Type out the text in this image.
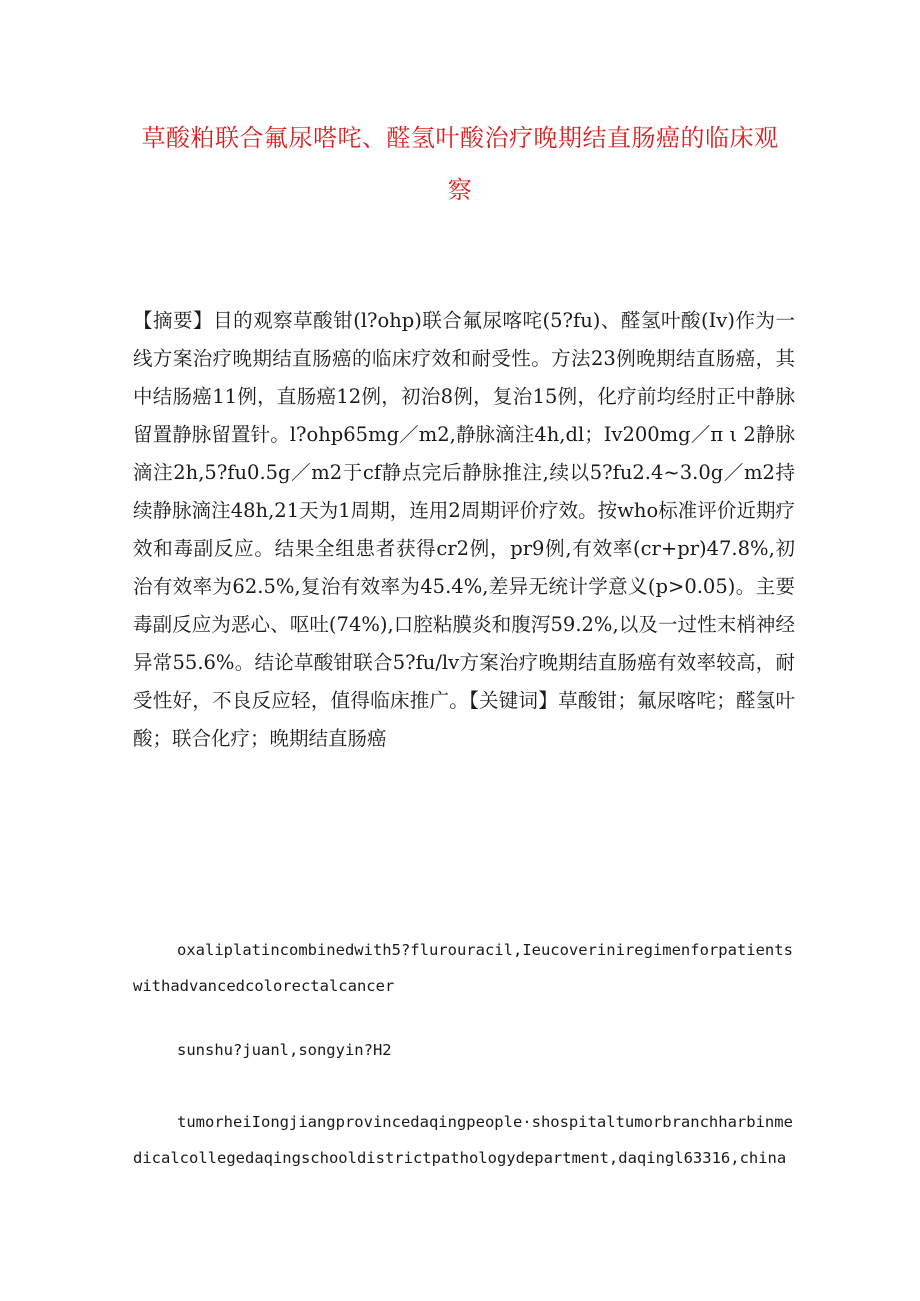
草酸粕联合氟尿嗒咤、醛氢叶酸治疗晚期结直肠癌的临床观察

【摘要】目的观察草酸钳(l?ohp)联合氟尿喀咤(5?fu)、醛氢叶酸(Iv)作为一线方案治疗晚期结直肠癌的临床疗效和耐受性。方法23例晚期结直肠癌，其中结肠癌11例，直肠癌12例，初治8例，复治15例，化疗前均经肘正中静脉留置静脉留置针。l?ohp65mg／m2,静脉滴注4h,dl；Iv200mg／π ι 2静脉滴注2h,5?fu0.5g／m2于cf静点完后静脉推注,续以5?fu2.4~3.0g／m2持续静脉滴注48h,21天为1周期，连用2周期评价疗效。按who标准评价近期疗效和毒副反应。结果全组患者获得cr2例，pr9例,有效率(cr+pr)47.8%,初治有效率为62.5%,复治有效率为45.4%,差异无统计学意义(p>0.05)。主要毒副反应为恶心、呕吐(74%),口腔粘膜炎和腹泻59.2%,以及一过性末梢神经异常55.6%。结论草酸钳联合5?fu/lv方案治疗晚期结直肠癌有效率较高，耐受性好，不良反应轻，值得临床推广。【关键词】草酸钳；氟尿喀咤；醛氢叶酸；联合化疗；晚期结直肠癌

oxaliplatincombinedwith5?flurouracil,Ieucoveriniregimenforpatientswithadvancedcolorectalcancer

sunshu?juanl,songyin?H2

tumorheiIongjiangprovincedaqingpeople·shospitaltumorbranchharbinmedicalcollegedaqingschooldistrictpathologydepartment,daqingl63316,china
